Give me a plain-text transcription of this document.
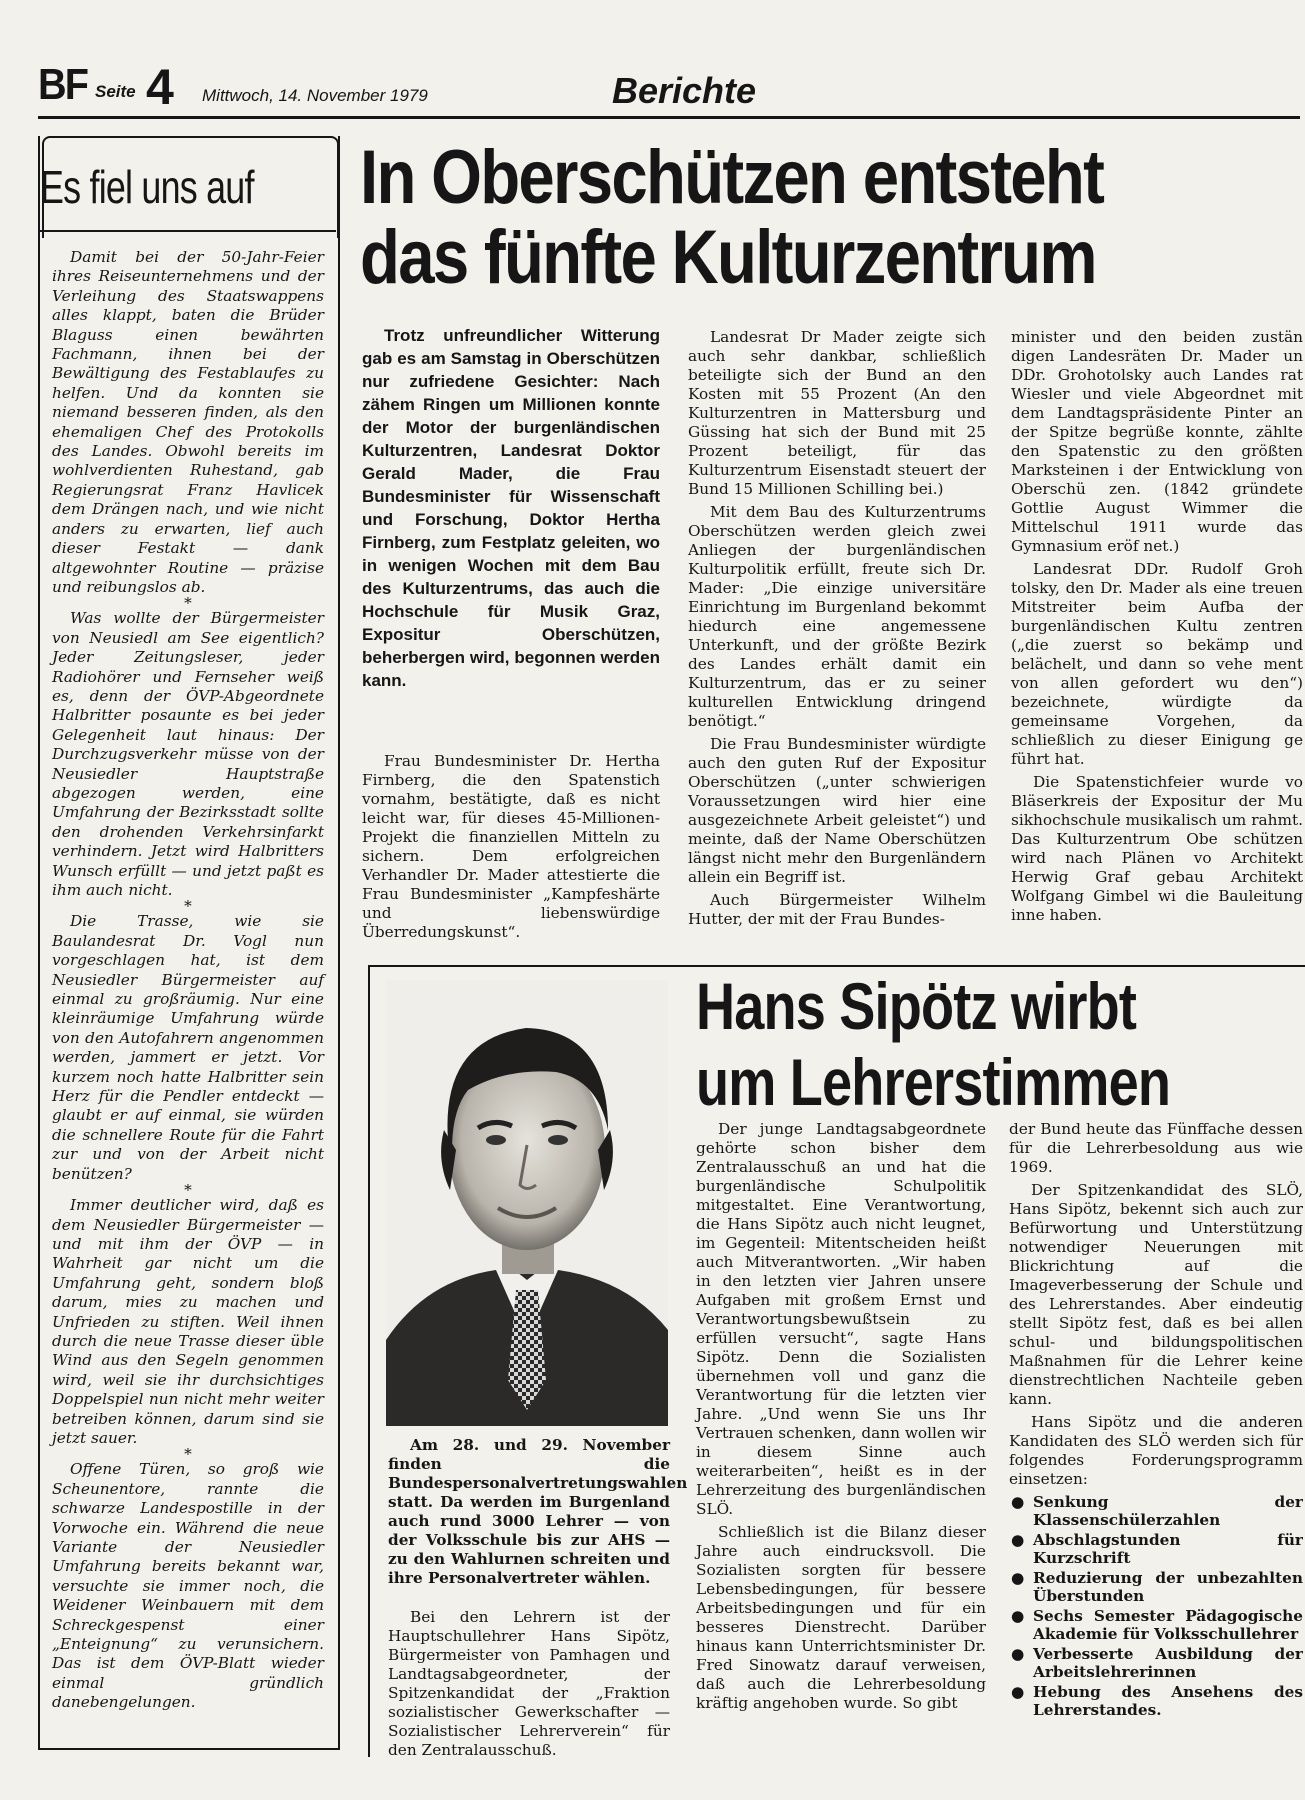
BF Seite 4 Mittwoch, 14. November 1979	Berichte
Es fiel uns auf

Damit bei der 50-Jahr-Feier ihres Reiseunternehmens und der Verleihung des Staatswappens alles klappt, baten die Brüder Blaguss einen bewährten Fachmann, ihnen bei der Bewältigung des Festablaufes zu helfen. Und da konnten sie niemand besseren finden, als den ehemaligen Chef des Protokolls des Landes. Obwohl bereits im wohlverdienten Ruhestand, gab Regierungsrat Franz Havlicek dem Drängen nach, und wie nicht anders zu erwarten, lief auch dieser Festakt — dank altgewohnter Routine — präzise und reibungslos ab.

*

Was wollte der Bürgermeister von Neusiedl am See eigentlich? Jeder Zeitungsleser, jeder Radiohörer und Fernseher weiß es, denn der ÖVP-Abgeordnete Halbritter posaunte es bei jeder Gelegenheit laut hinaus: Der Durchzugsverkehr müsse von der Neusiedler Hauptstraße abgezogen werden, eine Umfahrung der Bezirksstadt sollte den drohenden Verkehrsinfarkt verhindern. Jetzt wird Halbritters Wunsch erfüllt — und jetzt paßt es ihm auch nicht.

*

Die Trasse, wie sie Baulandesrat Dr. Vogl nun vorgeschlagen hat, ist dem Neusiedler Bürgermeister auf einmal zu großräumig. Nur eine kleinräumige Umfahrung würde von den Autofahrern angenommen werden, jammert er jetzt. Vor kurzem noch hatte Halbritter sein Herz für die Pendler entdeckt — glaubt er auf einmal, sie würden die schnellere Route für die Fahrt zur und von der Arbeit nicht benützen?

*

Immer deutlicher wird, daß es dem Neusiedler Bürgermeister — und mit ihm der ÖVP — in Wahrheit gar nicht um die Umfahrung geht, sondern bloß darum, mies zu machen und Unfrieden zu stiften. Weil ihnen durch die neue Trasse dieser üble Wind aus den Segeln genommen wird, weil sie ihr durchsichtiges Doppelspiel nun nicht mehr weiter betreiben können, darum sind sie jetzt sauer.

*

Offene Türen, so groß wie Scheunentore, rannte die schwarze Landespostille in der Vorwoche ein. Während die neue Variante der Neusiedler Umfahrung bereits bekannt war, versuchte sie immer noch, die Weidener Weinbauern mit dem Schreckgespenst einer „Enteignung“ zu verunsichern. Das ist dem ÖVP-Blatt wieder einmal gründlich danebengelungen.

In Oberschützen entsteht
das fünfte Kulturzentrum

Trotz unfreundlicher Witterung gab es am Samstag in Oberschützen nur zufriedene Gesichter: Nach zähem Ringen um Millionen konnte der Motor der burgenländischen Kulturzentren, Landesrat Doktor Gerald Mader, die Frau Bundesminister für Wissenschaft und Forschung, Doktor Hertha Firnberg, zum Festplatz geleiten, wo in wenigen Wochen mit dem Bau des Kulturzentrums, das auch die Hochschule für Musik Graz, Expositur Oberschützen, beherbergen wird, begonnen werden kann.

Frau Bundesminister Dr. Hertha Firnberg, die den Spatenstich vornahm, bestätigte, daß es nicht leicht war, für dieses 45-Millionen-Projekt die finanziellen Mitteln zu sichern. Dem erfolgreichen Verhandler Dr. Mader attestierte die Frau Bundesminister „Kampfeshärte und liebenswürdige Überredungskunst“.

Landesrat Dr Mader zeigte sich auch sehr dankbar, schließlich beteiligte sich der Bund an den Kosten mit 55 Prozent (An den Kulturzentren in Mattersburg und Güssing hat sich der Bund mit 25 Prozent beteiligt, für das Kulturzentrum Eisenstadt steuert der Bund 15 Millionen Schilling bei.)

Mit dem Bau des Kulturzentrums Oberschützen werden gleich zwei Anliegen der burgenländischen Kulturpolitik erfüllt, freute sich Dr. Mader: „Die einzige universitäre Einrichtung im Burgenland bekommt hiedurch eine angemessene Unterkunft, und der größte Bezirk des Landes erhält damit ein Kulturzentrum, das er zu seiner kulturellen Entwicklung dringend benötigt.“

Die Frau Bundesminister würdigte auch den guten Ruf der Expositur Oberschützen („unter schwierigen Voraussetzungen wird hier eine ausgezeichnete Arbeit geleistet“) und meinte, daß der Name Oberschützen längst nicht mehr den Burgenländern allein ein Begriff ist.

Auch Bürgermeister Wilhelm Hutter, der mit der Frau Bundes-

minister und den beiden zustän digen Landesräten Dr. Mader un DDr. Grohotolsky auch Landes rat Wiesler und viele Abgeordnet mit dem Landtagspräsidente Pinter an der Spitze begrüße konnte, zählte den Spatenstic zu den größten Marksteinen i der Entwicklung von Oberschü zen. (1842 gründete Gottlie August Wimmer die Mittelschul 1911 wurde das Gymnasium eröf net.)

Landesrat DDr. Rudolf Groh tolsky, den Dr. Mader als eine treuen Mitstreiter beim Aufba der burgenländischen Kultu zentren („die zuerst so bekämp und belächelt, und dann so vehe ment von allen gefordert wu den“) bezeichnete, würdigte da gemeinsame Vorgehen, da schließlich zu dieser Einigung ge führt hat.

Die Spatenstichfeier wurde vo Bläserkreis der Expositur der Mu sikhochschule musikalisch um rahmt. Das Kulturzentrum Obe schützen wird nach Plänen vo Architekt Herwig Graf gebau Architekt Wolfgang Gimbel wi die Bauleitung inne haben.

Am 28. und 29. November finden die Bundespersonalvertretungswahlen statt. Da werden im Burgenland auch rund 3000 Lehrer — von der Volksschule bis zur AHS — zu den Wahlurnen schreiten und ihre Personalvertreter wählen.

Bei den Lehrern ist der Hauptschullehrer Hans Sipötz, Bürgermeister von Pamhagen und Landtagsabgeordneter, der Spitzenkandidat der „Fraktion sozialistischer Gewerkschafter — Sozialistischer Lehrerverein“ für den Zentralausschuß.

Hans Sipötz wirbt
um Lehrerstimmen

Der junge Landtagsabgeordnete gehörte schon bisher dem Zentralausschuß an und hat die burgenländische Schulpolitik mitgestaltet. Eine Verantwortung, die Hans Sipötz auch nicht leugnet, im Gegenteil: Mitentscheiden heißt auch Mitverantworten. „Wir haben in den letzten vier Jahren unsere Aufgaben mit großem Ernst und Verantwortungsbewußtsein zu erfüllen versucht“, sagte Hans Sipötz. Denn die Sozialisten übernehmen voll und ganz die Verantwortung für die letzten vier Jahre. „Und wenn Sie uns Ihr Vertrauen schenken, dann wollen wir in diesem Sinne auch weiterarbeiten“, heißt es in der Lehrerzeitung des burgenländischen SLÖ.

Schließlich ist die Bilanz dieser Jahre auch eindrucksvoll. Die Sozialisten sorgten für bessere Lebensbedingungen, für bessere Arbeitsbedingungen und für ein besseres Dienstrecht. Darüber hinaus kann Unterrichtsminister Dr. Fred Sinowatz darauf verweisen, daß auch die Lehrerbesoldung kräftig angehoben wurde. So gibt

der Bund heute das Fünffache dessen für die Lehrerbesoldung aus wie 1969.

Der Spitzenkandidat des SLÖ, Hans Sipötz, bekennt sich auch zur Befürwortung und Unterstützung notwendiger Neuerungen mit Blickrichtung auf die Imageverbesserung der Schule und des Lehrerstandes. Aber eindeutig stellt Sipötz fest, daß es bei allen schul- und bildungspolitischen Maßnahmen für die Lehrer keine dienstrechtlichen Nachteile geben kann.

Hans Sipötz und die anderen Kandidaten des SLÖ werden sich für folgendes Forderungsprogramm einsetzen:

● Senkung der Klassenschülerzahlen
● Abschlagstunden für Kurzschrift
● Reduzierung der unbezahlten Überstunden
● Sechs Semester Pädagogische Akademie für Volksschullehrer
● Verbesserte Ausbildung der Arbeitslehrerinnen
● Hebung des Ansehens des Lehrerstandes.
